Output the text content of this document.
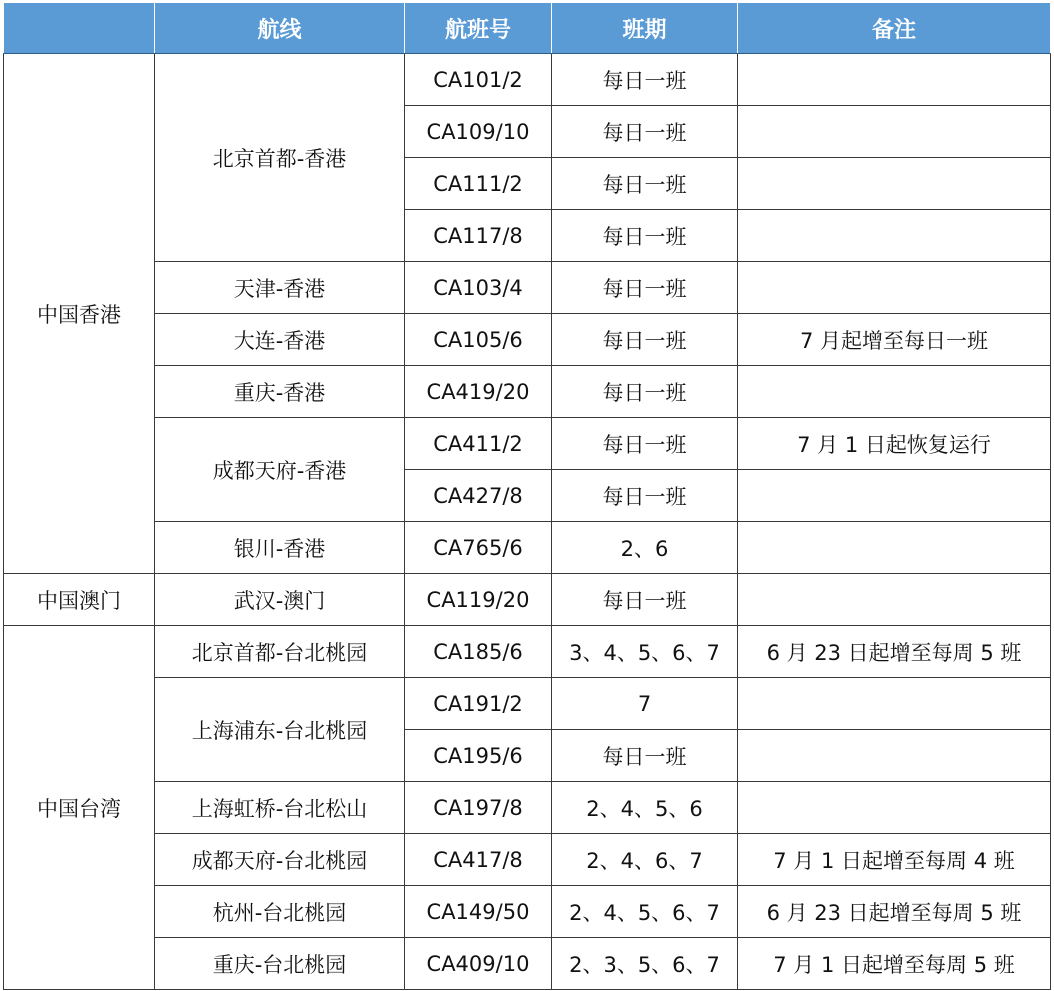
	航线	航班号	班期	备注
中国香港	北京首都-香港	CA101/2	每日一班	
		CA109/10	每日一班	
		CA111/2	每日一班	
		CA117/8	每日一班	
	天津-香港	CA103/4	每日一班	
	大连-香港	CA105/6	每日一班	7 月起增至每日一班
	重庆-香港	CA419/20	每日一班	
	成都天府-香港	CA411/2	每日一班	7 月 1 日起恢复运行
		CA427/8	每日一班	
	银川-香港	CA765/6	2、6	
中国澳门	武汉-澳门	CA119/20	每日一班	
中国台湾	北京首都-台北桃园	CA185/6	3、4、5、6、7	6 月 23 日起增至每周 5 班
	上海浦东-台北桃园	CA191/2	7	
		CA195/6	每日一班	
	上海虹桥-台北松山	CA197/8	2、4、5、6	
	成都天府-台北桃园	CA417/8	2、4、6、7	7 月 1 日起增至每周 4 班
	杭州-台北桃园	CA149/50	2、4、5、6、7	6 月 23 日起增至每周 5 班
	重庆-台北桃园	CA409/10	2、3、5、6、7	7 月 1 日起增至每周 5 班
